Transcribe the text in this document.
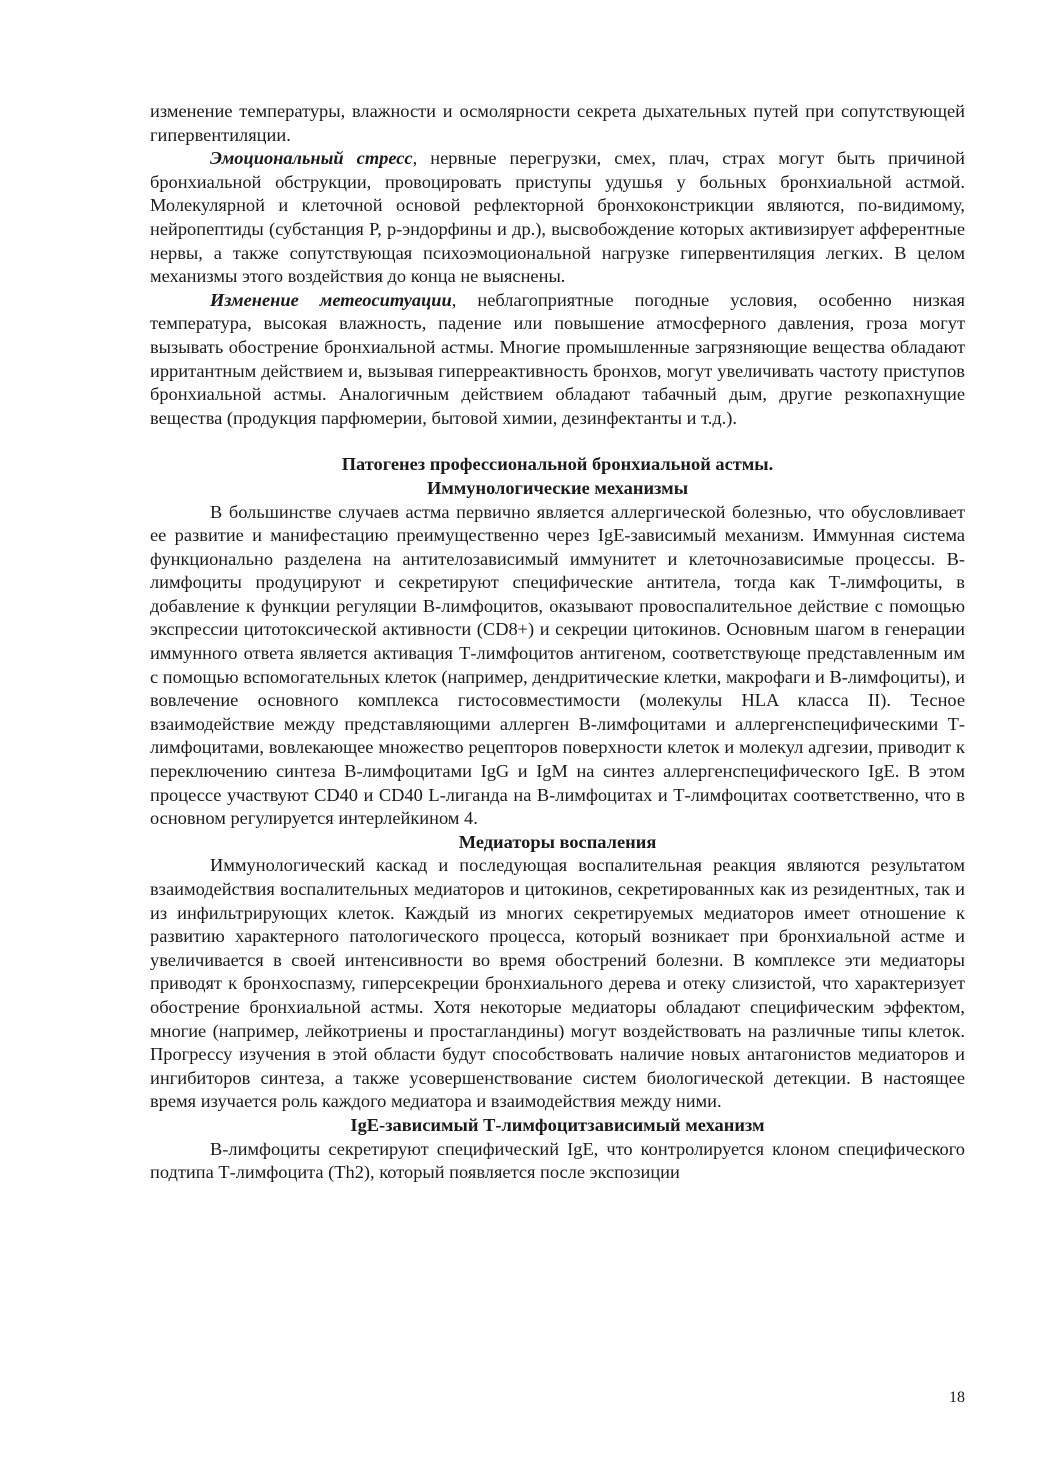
изменение температуры, влажности и осмолярности секрета дыхательных путей при сопутствующей гипервентиляции.

Эмоциональный стресс, нервные перегрузки, смех, плач, страх могут быть причиной бронхиальной обструкции, провоцировать приступы удушья у больных бронхиальной астмой. Молекулярной и клеточной основой рефлекторной бронхоконстрикции являются, по-видимому, нейропептиды (субстанция Р, р-эндорфины и др.), высвобождение которых активизирует афферентные нервы, а также сопутствующая психоэмоциональной нагрузке гипервентиляция легких. В целом механизмы этого воздействия до конца не выяснены.

Изменение метеоситуации, неблагоприятные погодные условия, особенно низкая температура, высокая влажность, падение или повышение атмосферного давления, гроза могут вызывать обострение бронхиальной астмы. Многие промышленные загрязняющие вещества обладают ирритантным действием и, вызывая гиперреактивность бронхов, могут увеличивать частоту приступов бронхиальной астмы. Аналогичным действием обладают табачный дым, другие резкопахнущие вещества (продукция парфюмерии, бытовой химии, дезинфектанты и т.д.).

Патогенез профессиональной бронхиальной астмы.

Иммунологические механизмы

В большинстве случаев астма первично является аллергической болезнью, что обусловливает ее развитие и манифестацию преимущественно через IgE-зависимый механизм. Иммунная система функционально разделена на антителозависимый иммунитет и клеточнозависимые процессы. В-лимфоциты продуцируют и секретируют специфические антитела, тогда как Т-лимфоциты, в добавление к функции регуляции В-лимфоцитов, оказывают провоспалительное действие с помощью экспрессии цитотоксической активности (CD8+) и секреции цитокинов. Основным шагом в генерации иммунного ответа является активация Т-лимфоцитов антигеном, соответствующе представленным им с помощью вспомогательных клеток (например, дендритические клетки, макрофаги и В-лимфоциты), и вовлечение основного комплекса гистосовместимости (молекулы HLA класса II). Тесное взаимодействие между представляющими аллерген В-лимфоцитами и аллергенспецифическими Т-лимфоцитами, вовлекающее множество рецепторов поверхности клеток и молекул адгезии, приводит к переключению синтеза В-лимфоцитами IgG и IgM на синтез аллергенспецифического IgE. В этом процессе участвуют CD40 и CD40 L-лиганда на В-лимфоцитах и Т-лимфоцитах соответственно, что в основном регулируется интерлейкином 4.

Медиаторы воспаления

Иммунологический каскад и последующая воспалительная реакция являются результатом взаимодействия воспалительных медиаторов и цитокинов, секретированных как из резидентных, так и из инфильтрирующих клеток. Каждый из многих секретируемых медиаторов имеет отношение к развитию характерного патологического процесса, который возникает при бронхиальной астме и увеличивается в своей интенсивности во время обострений болезни. В комплексе эти медиаторы приводят к бронхоспазму, гиперсекреции бронхиального дерева и отеку слизистой, что характеризует обострение бронхиальной астмы. Хотя некоторые медиаторы обладают специфическим эффектом, многие (например, лейкотриены и простагландины) могут воздействовать на различные типы клеток. Прогрессу изучения в этой области будут способствовать наличие новых антагонистов медиаторов и ингибиторов синтеза, а также усовершенствование систем биологической детекции. В настоящее время изучается роль каждого медиатора и взаимодействия между ними.

IgE-зависимый Т-лимфоцитзависимый механизм

В-лимфоциты секретируют специфический IgE, что контролируется клоном специфического подтипа Т-лимфоцита (Th2), который появляется после экспозиции

18
